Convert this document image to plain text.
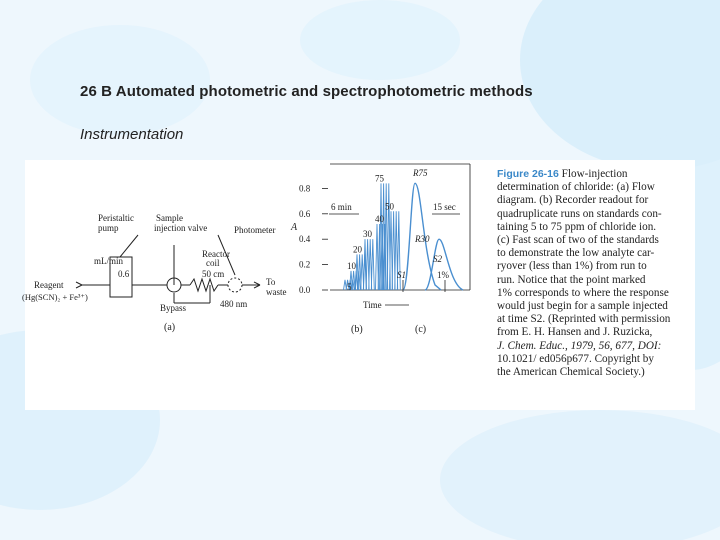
26 B Automated photometric and spectrophotometric methods
Instrumentation
Peristaltic
pump
Sample
injection valve
mL/min
0.6
Reagent
(Hg(SCN)₂ + Fe³⁺)
Reactor
coil
50 cm
Photometer
To
waste
480 nm
Bypass
(a)
0.8
0.6
0.4
0.2
0.0
75
50
40
30
20
10
5
A
6 min	15 sec
R75
R30
S1
S2
1%
Time
(b)	(c)
Figure 26-16 Flow-injection
determination of chloride: (a) Flow
diagram. (b) Recorder readout for
quadruplicate runs on standards con-
taining 5 to 75 ppm of chloride ion.
(c) Fast scan of two of the standards
to demonstrate the low analyte car-
ryover (less than 1%) from run to
run. Notice that the point marked
1% corresponds to where the response
would just begin for a sample injected
at time S2. (Reprinted with permission
from E. H. Hansen and J. Ruzicka,
J. Chem. Educ., 1979, 56, 677, DOI:
10.1021/ ed056p677. Copyright by
the American Chemical Society.)
